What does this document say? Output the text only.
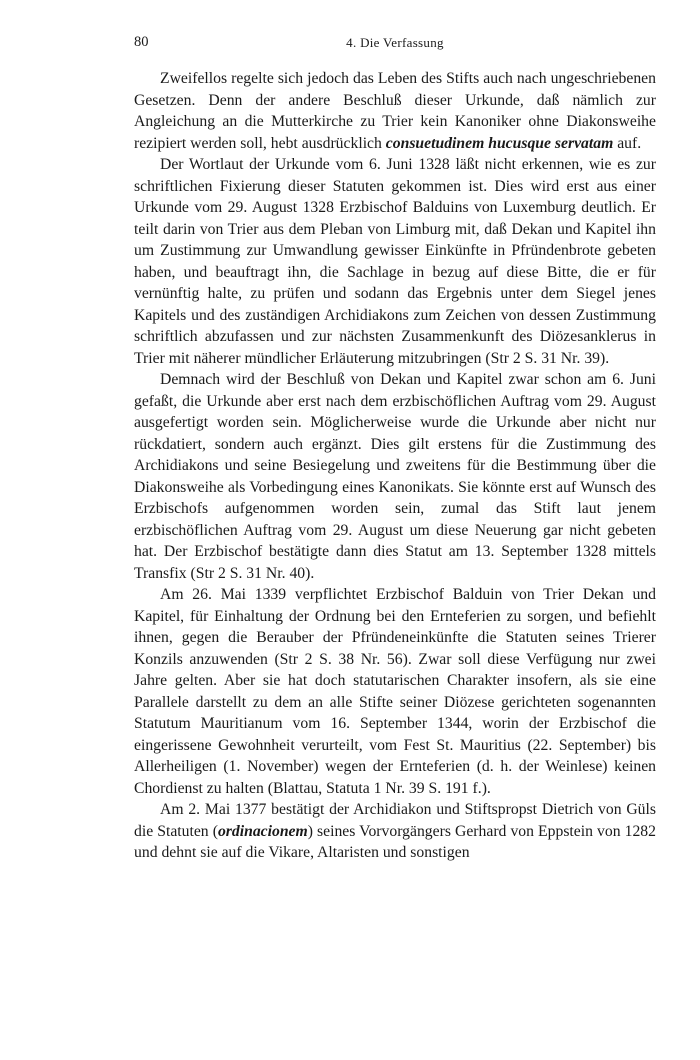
80	4. Die Verfassung

Zweifellos regelte sich jedoch das Leben des Stifts auch nach ungeschriebenen Gesetzen. Denn der andere Beschluß dieser Urkunde, daß nämlich zur Angleichung an die Mutterkirche zu Trier kein Kanoniker ohne Diakonsweihe rezipiert werden soll, hebt ausdrücklich consuetudinem hucusque servatam auf.

Der Wortlaut der Urkunde vom 6. Juni 1328 läßt nicht erkennen, wie es zur schriftlichen Fixierung dieser Statuten gekommen ist. Dies wird erst aus einer Urkunde vom 29. August 1328 Erzbischof Balduins von Luxemburg deutlich. Er teilt darin von Trier aus dem Pleban von Limburg mit, daß Dekan und Kapitel ihn um Zustimmung zur Umwandlung gewisser Einkünfte in Pfründenbrote gebeten haben, und beauftragt ihn, die Sachlage in bezug auf diese Bitte, die er für vernünftig halte, zu prüfen und sodann das Ergebnis unter dem Siegel jenes Kapitels und des zuständigen Archidiakons zum Zeichen von dessen Zustimmung schriftlich abzufassen und zur nächsten Zusammenkunft des Diözesanklerus in Trier mit näherer mündlicher Erläuterung mitzubringen (Str 2 S. 31 Nr. 39).

Demnach wird der Beschluß von Dekan und Kapitel zwar schon am 6. Juni gefaßt, die Urkunde aber erst nach dem erzbischöflichen Auftrag vom 29. August ausgefertigt worden sein. Möglicherweise wurde die Urkunde aber nicht nur rückdatiert, sondern auch ergänzt. Dies gilt erstens für die Zustimmung des Archidiakons und seine Besiegelung und zweitens für die Bestimmung über die Diakonsweihe als Vorbedingung eines Kanonikats. Sie könnte erst auf Wunsch des Erzbischofs aufgenommen worden sein, zumal das Stift laut jenem erzbischöflichen Auftrag vom 29. August um diese Neuerung gar nicht gebeten hat. Der Erzbischof bestätigte dann dies Statut am 13. September 1328 mittels Transfix (Str 2 S. 31 Nr. 40).

Am 26. Mai 1339 verpflichtet Erzbischof Balduin von Trier Dekan und Kapitel, für Einhaltung der Ordnung bei den Ernteferien zu sorgen, und befiehlt ihnen, gegen die Berauber der Pfründeneinkünfte die Statuten seines Trierer Konzils anzuwenden (Str 2 S. 38 Nr. 56). Zwar soll diese Verfügung nur zwei Jahre gelten. Aber sie hat doch statutarischen Charakter insofern, als sie eine Parallele darstellt zu dem an alle Stifte seiner Diözese gerichteten sogenannten Statutum Mauritianum vom 16. September 1344, worin der Erzbischof die eingerissene Gewohnheit verurteilt, vom Fest St. Mauritius (22. September) bis Allerheiligen (1. November) wegen der Ernteferien (d. h. der Weinlese) keinen Chordienst zu halten (Blattau, Statuta 1 Nr. 39 S. 191 f.).

Am 2. Mai 1377 bestätigt der Archidiakon und Stiftspropst Dietrich von Güls die Statuten (ordinacionem) seines Vorvorgängers Gerhard von Eppstein von 1282 und dehnt sie auf die Vikare, Altaristen und sonstigen
